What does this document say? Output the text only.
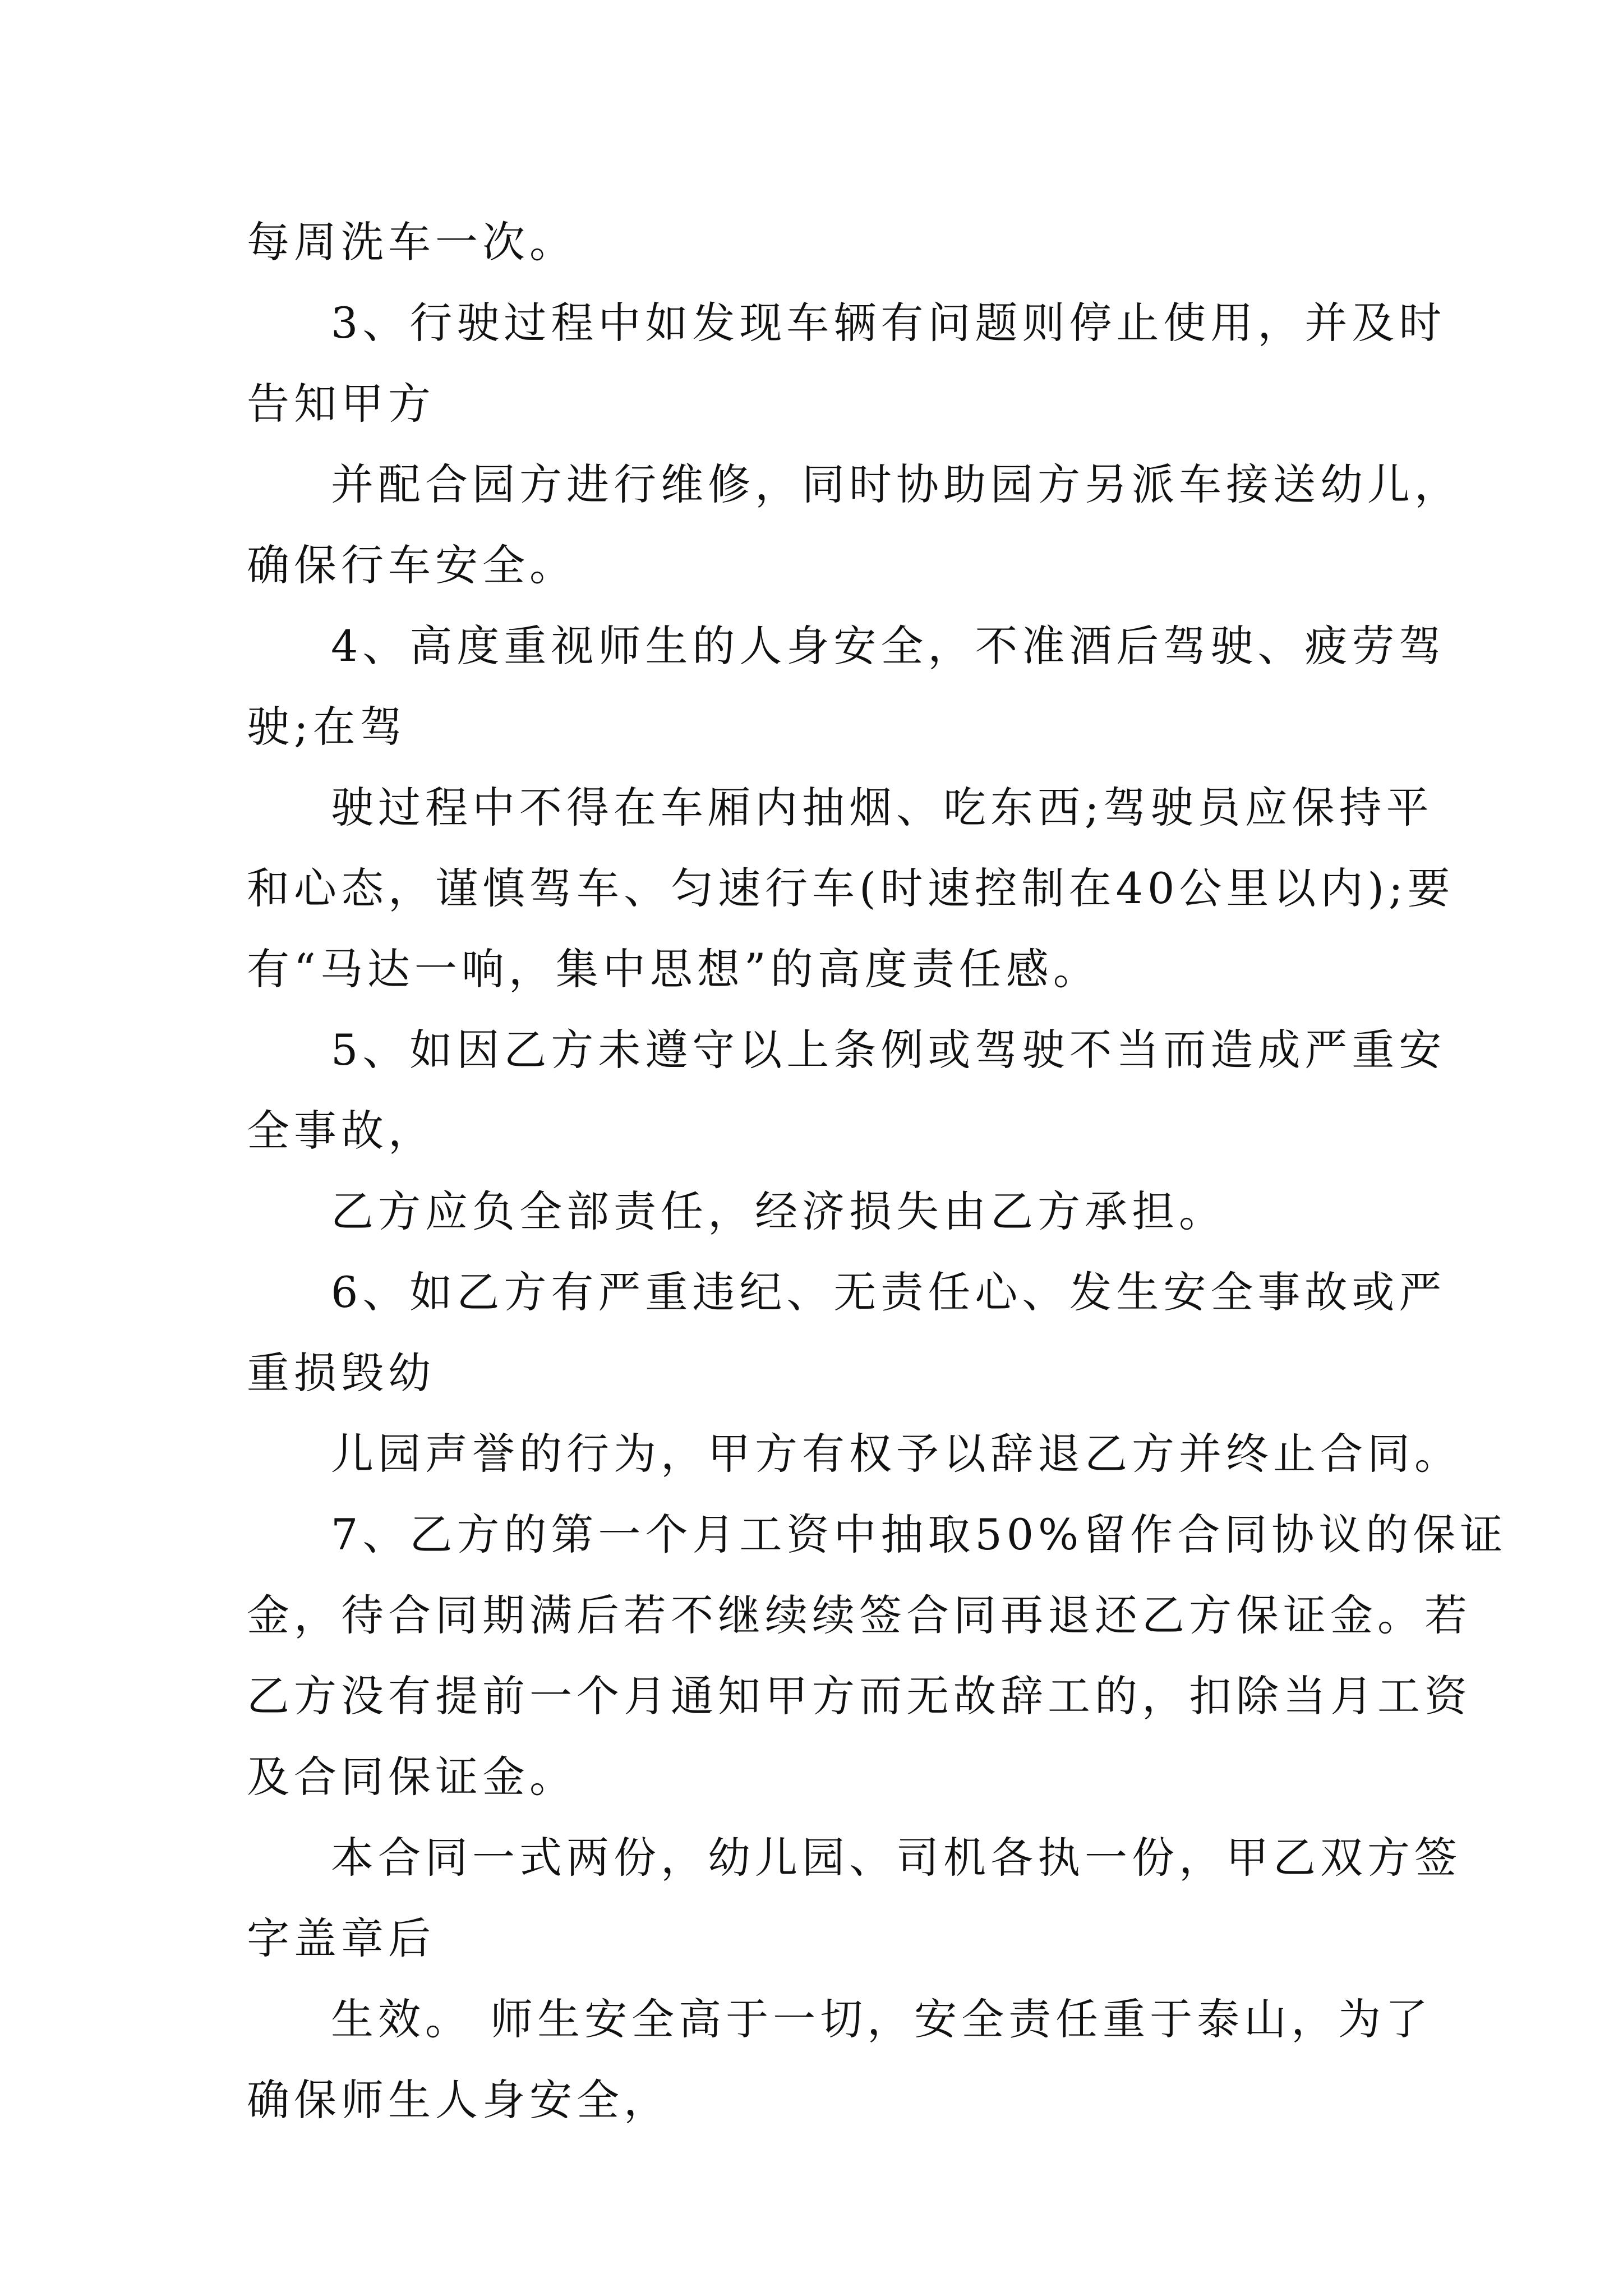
每周洗车一次。
3、行驶过程中如发现车辆有问题则停止使用，并及时
告知甲方
并配合园方进行维修，同时协助园方另派车接送幼儿，
确保行车安全。
4、高度重视师生的人身安全，不准酒后驾驶、疲劳驾
驶;在驾
驶过程中不得在车厢内抽烟、吃东西;驾驶员应保持平
和心态，谨慎驾车、匀速行车(时速控制在40公里以内);要
有“马达一响，集中思想”的高度责任感。
5、如因乙方未遵守以上条例或驾驶不当而造成严重安
全事故，
乙方应负全部责任，经济损失由乙方承担。
6、如乙方有严重违纪、无责任心、发生安全事故或严
重损毁幼
儿园声誉的行为，甲方有权予以辞退乙方并终止合同。
7、乙方的第一个月工资中抽取50%留作合同协议的保证
金，待合同期满后若不继续续签合同再退还乙方保证金。若
乙方没有提前一个月通知甲方而无故辞工的，扣除当月工资
及合同保证金。
本合同一式两份，幼儿园、司机各执一份，甲乙双方签
字盖章后
生效。 师生安全高于一切，安全责任重于泰山，为了
确保师生人身安全，
